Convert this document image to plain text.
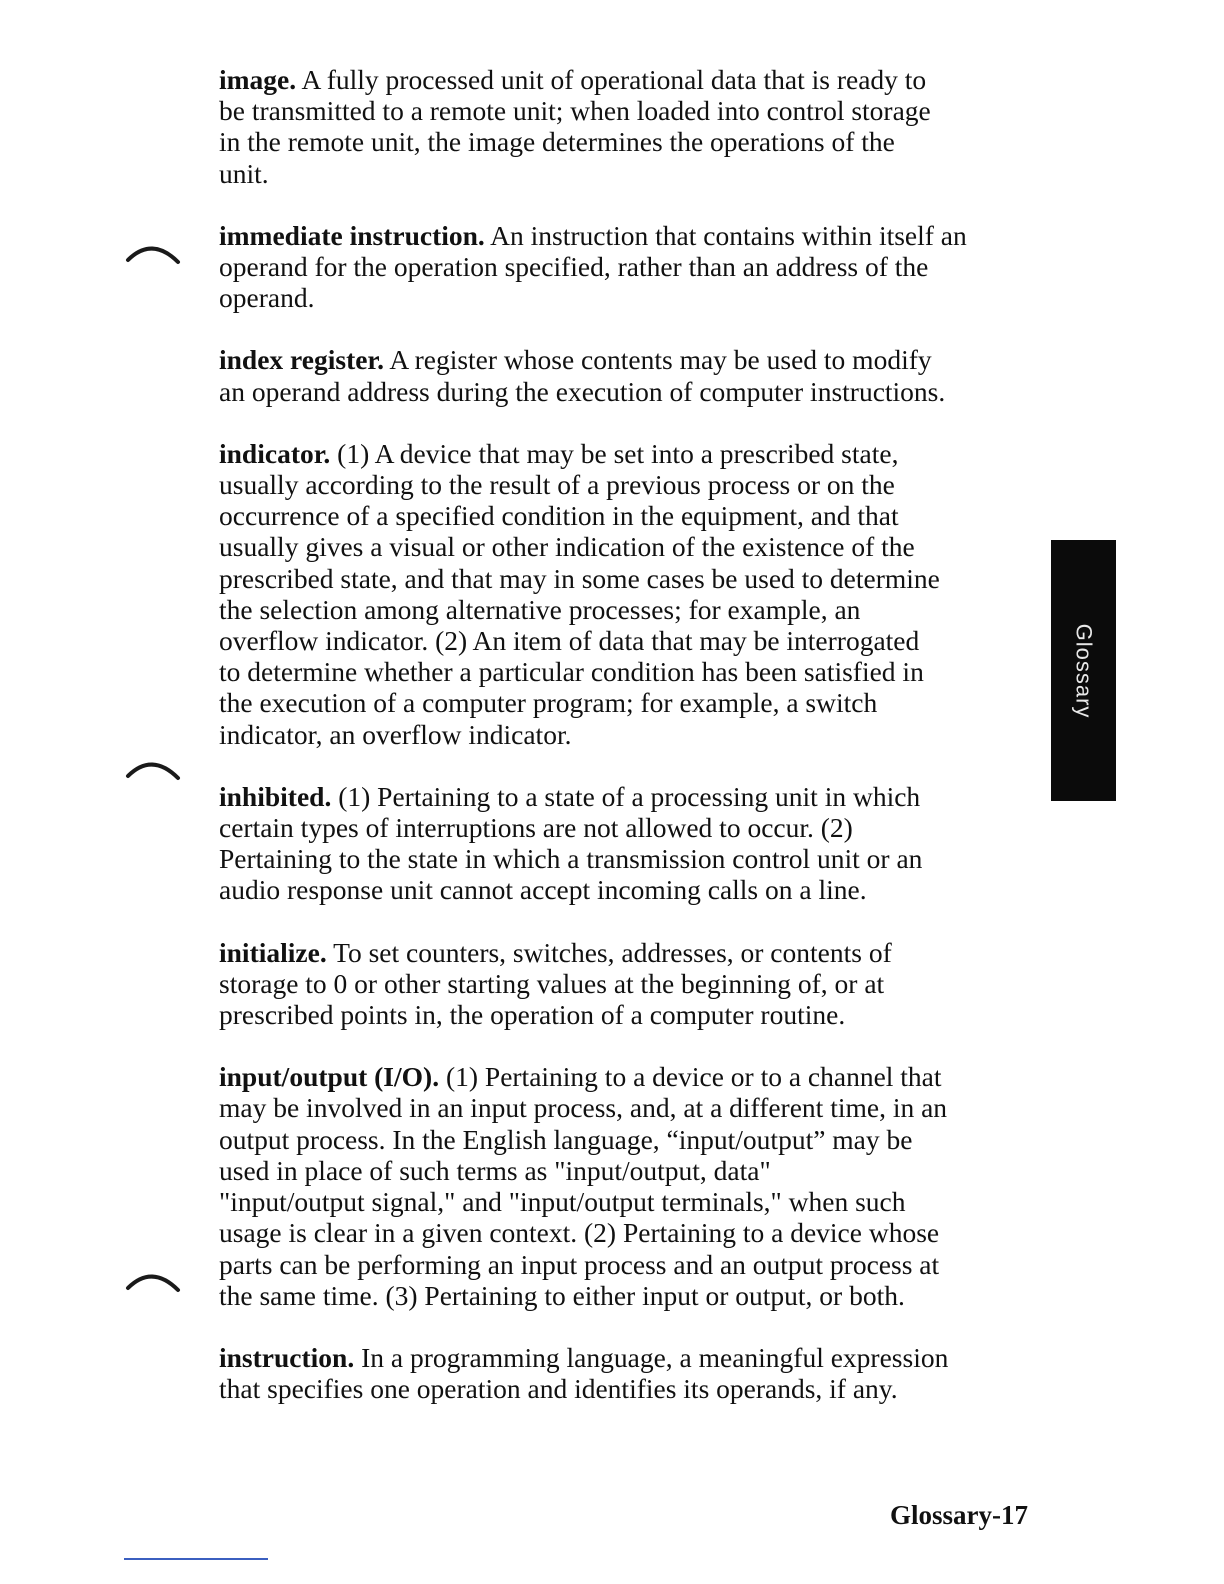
image. A fully processed unit of operational data that is ready to
be transmitted to a remote unit; when loaded into control storage
in the remote unit, the image determines the operations of the
unit.

immediate instruction. An instruction that contains within itself an
operand for the operation specified, rather than an address of the
operand.

index register. A register whose contents may be used to modify
an operand address during the execution of computer instructions.

indicator. (1) A device that may be set into a prescribed state,
usually according to the result of a previous process or on the
occurrence of a specified condition in the equipment, and that
usually gives a visual or other indication of the existence of the
prescribed state, and that may in some cases be used to determine
the selection among alternative processes; for example, an
overflow indicator. (2) An item of data that may be interrogated
to determine whether a particular condition has been satisfied in
the execution of a computer program; for example, a switch
indicator, an overflow indicator.

inhibited. (1) Pertaining to a state of a processing unit in which
certain types of interruptions are not allowed to occur. (2)
Pertaining to the state in which a transmission control unit or an
audio response unit cannot accept incoming calls on a line.

initialize. To set counters, switches, addresses, or contents of
storage to 0 or other starting values at the beginning of, or at
prescribed points in, the operation of a computer routine.

input/output (I/O). (1) Pertaining to a device or to a channel that
may be involved in an input process, and, at a different time, in an
output process. In the English language, “input/output” may be
used in place of such terms as "input/output, data"
"input/output signal," and "input/output terminals," when such
usage is clear in a given context. (2) Pertaining to a device whose
parts can be performing an input process and an output process at
the same time. (3) Pertaining to either input or output, or both.

instruction. In a programming language, a meaningful expression
that specifies one operation and identifies its operands, if any.

Glossary
Glossary-17
